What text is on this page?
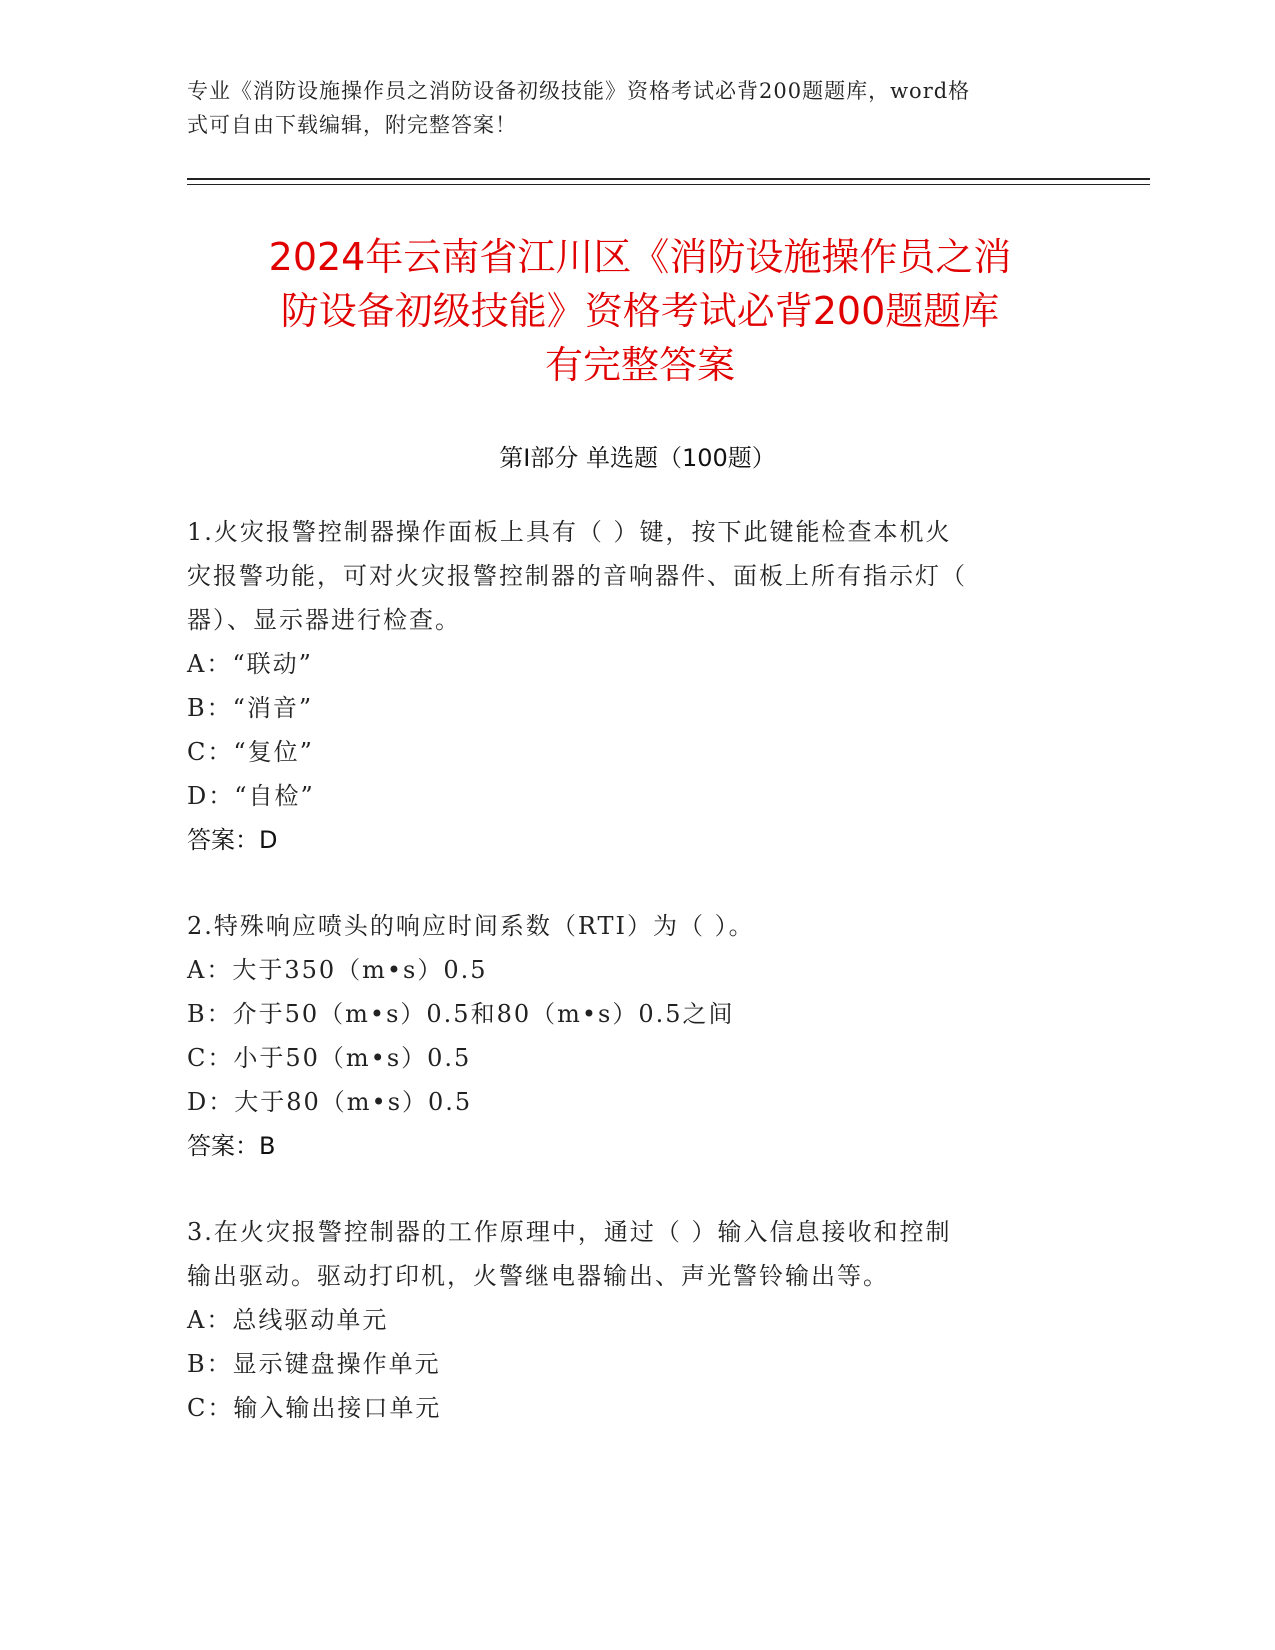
专业《消防设施操作员之消防设备初级技能》资格考试必背200题题库，word格
式可自由下载编辑，附完整答案！
2024年云南省江川区《消防设施操作员之消
防设备初级技能》资格考试必背200题题库
有完整答案
第Ⅰ部分 单选题（100题）
1.火灾报警控制器操作面板上具有（ ）键，按下此键能检查本机火
灾报警功能，可对火灾报警控制器的音响器件、面板上所有指示灯（
器）、显示器进行检查。
A：“联动”
B：“消音”
C：“复位”
D：“自检”
答案：D
2.特殊响应喷头的响应时间系数（RTI）为（ ）。
A：大于350（m•s）0.5
B：介于50（m•s）0.5和80（m•s）0.5之间
C：小于50（m•s）0.5
D：大于80（m•s）0.5
答案：B
3.在火灾报警控制器的工作原理中，通过（ ）输入信息接收和控制
输出驱动。驱动打印机，火警继电器输出、声光警铃输出等。
A：总线驱动单元
B：显示键盘操作单元
C：输入输出接口单元
